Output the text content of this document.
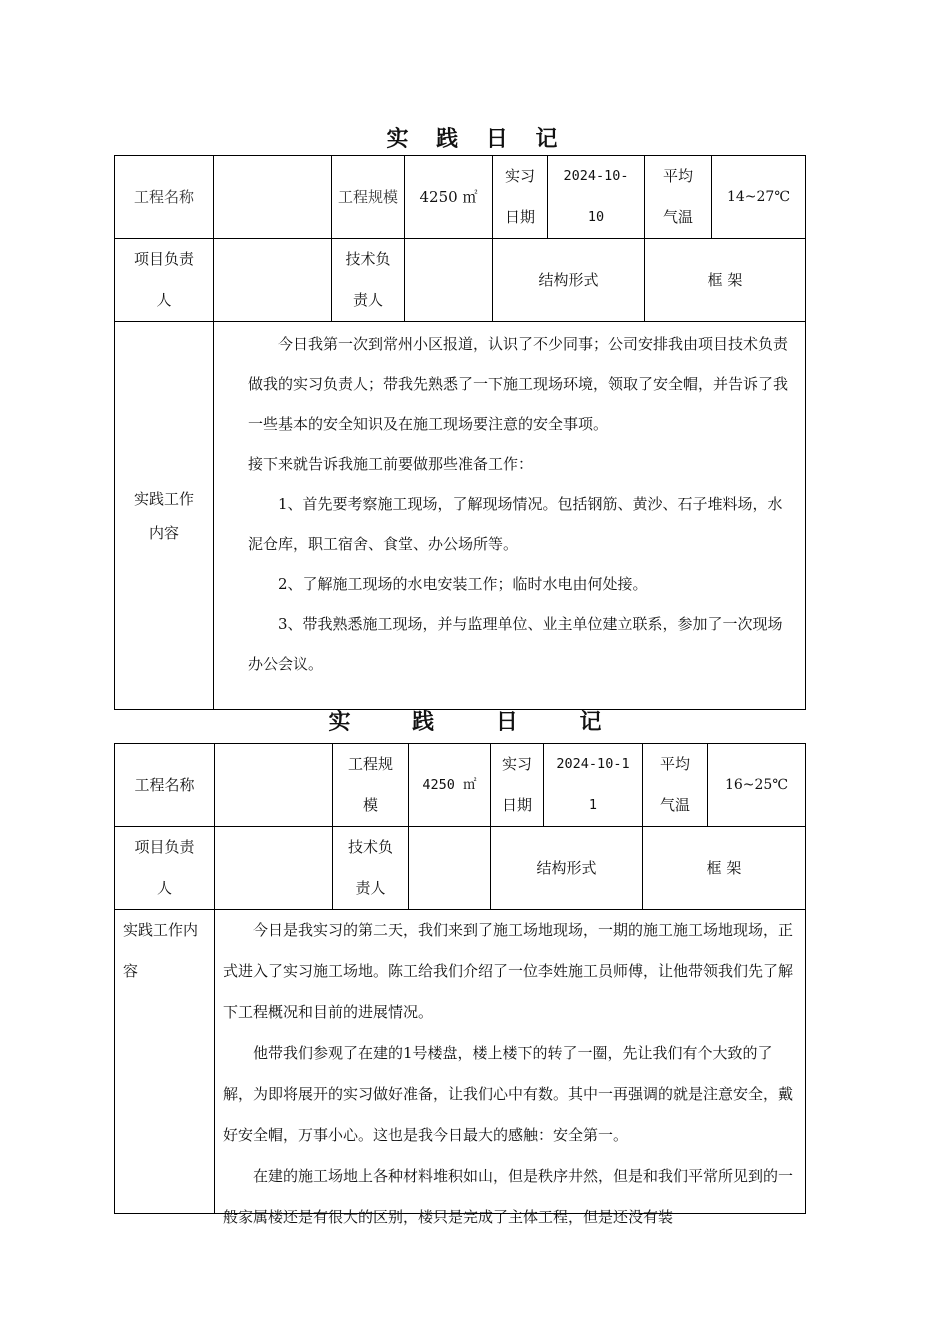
实 践 日 记
工程名称		工程规模	4250 ㎡	实习日期	2024-10-10	平均气温	14~27℃
项目负责人		技术负责人		结构形式		框 架	
实践工作内容	今日我第一次到常州小区报道，认识了不少同事；公司安排我由项目技术负责做我的实习负责人；带我先熟悉了一下施工现场环境，领取了安全帽，并告诉了我一些基本的安全知识及在施工现场要注意的安全事项。

接下来就告诉我施工前要做那些准备工作：

1、首先要考察施工现场，了解现场情况。包括钢筋、黄沙、石子堆料场，水泥仓库，职工宿舍、食堂、办公场所等。

2、了解施工现场的水电安装工作；临时水电由何处接。

3、带我熟悉施工现场，并与监理单位、业主单位建立联系，参加了一次现场办公会议。						

实 践 日 记
工程名称		工程规模	4250 ㎡	实习日期	2024-10-11	平均气温	16~25℃
项目负责人		技术负责人		结构形式		框 架	
实践工作内容	今日是我实习的第二天，我们来到了施工场地现场，一期的施工施工场地现场，正式进入了实习施工场地。陈工给我们介绍了一位李姓施工员师傅，让他带领我们先了解下工程概况和目前的进展情况。

他带我们参观了在建的1号楼盘，楼上楼下的转了一圈，先让我们有个大致的了解，为即将展开的实习做好准备，让我们心中有数。其中一再强调的就是注意安全，戴好安全帽，万事小心。这也是我今日最大的感触：安全第一。

在建的施工场地上各种材料堆积如山，但是秩序井然，但是和我们平常所见到的一般家属楼还是有很大的区别，楼只是完成了主体工程，但是还没有装						
